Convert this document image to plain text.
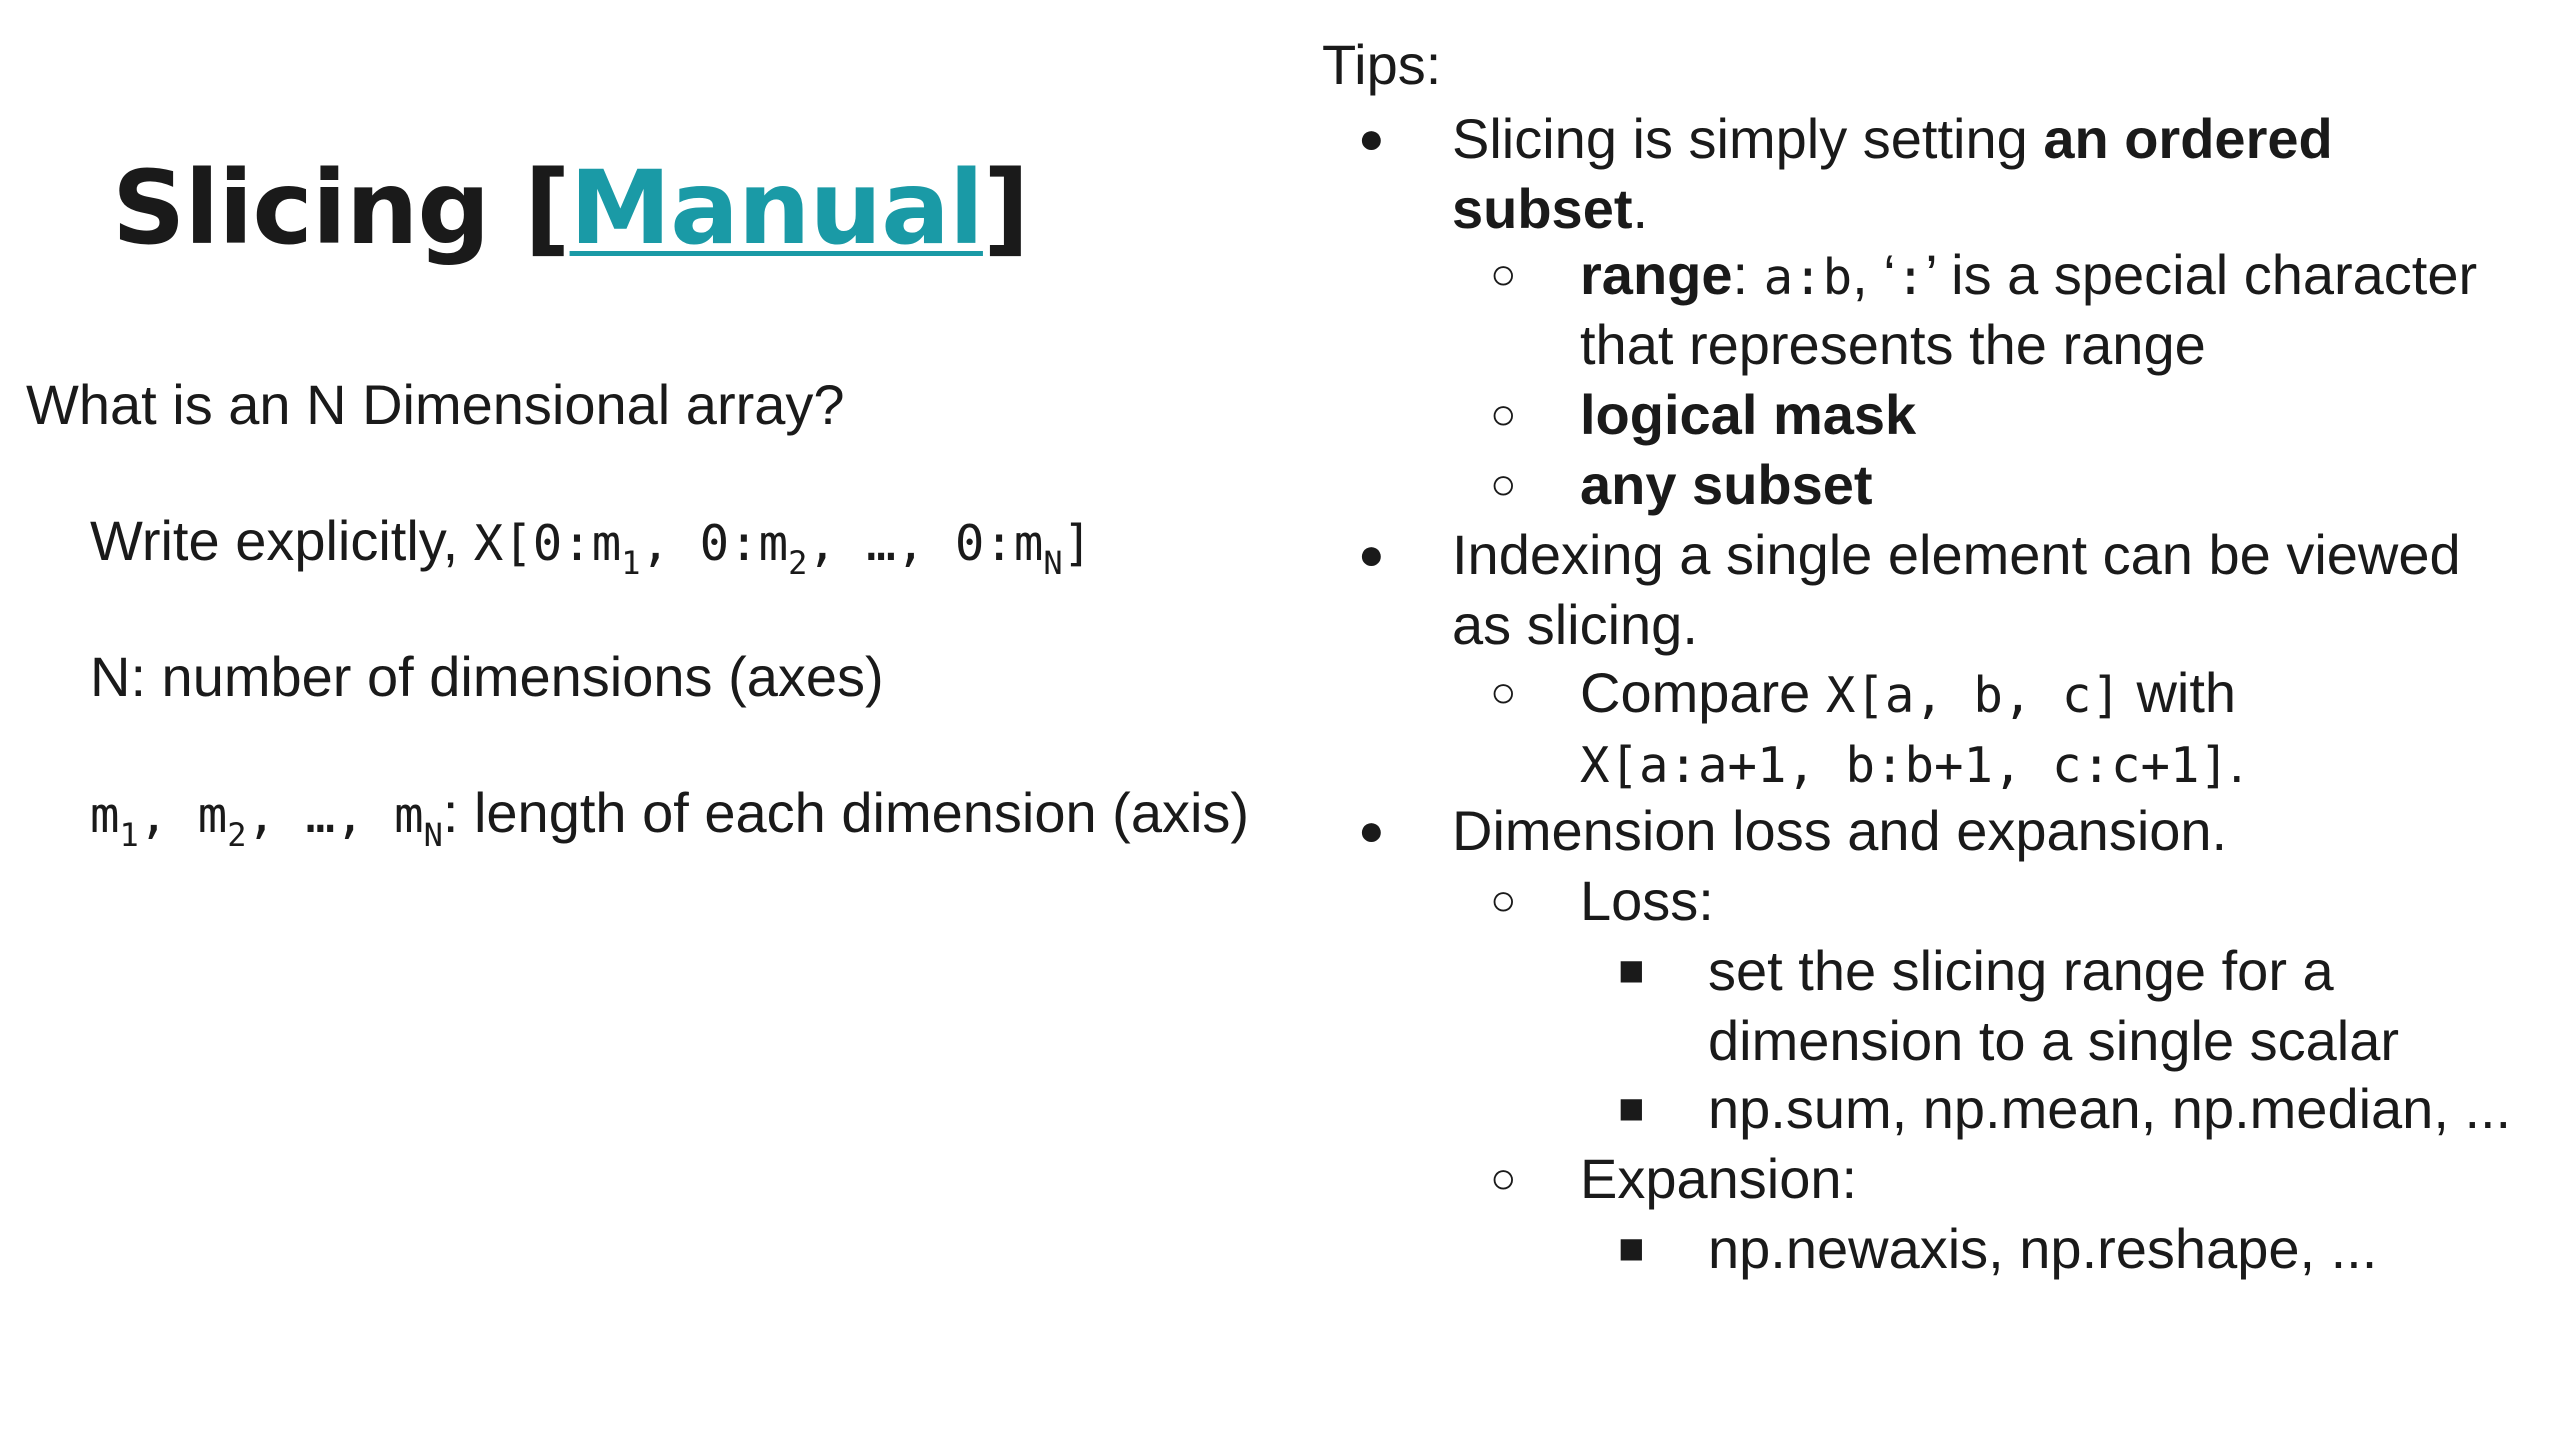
Slicing [Manual]
What is an N Dimensional array?
Write explicitly, $X[0:m_1$, $0:m_2$, …, $0:m_N$]
N: number of dimensions (axes)
$m_1$, $m_2$, …, $m_N$: length of each dimension (axis)
Tips:
● Slicing is simply setting an ordered
subset.
○ range: a:b, ‘:’ is a special character
that represents the range
○ logical mask
○ any subset
● Indexing a single element can be viewed
as slicing.
○ Compare X[a, b, c] with
X[a:a+1, b:b+1, c:c+1].
● Dimension loss and expansion.
○ Loss:
■ set the slicing range for a
dimension to a single scalar
■ np.sum, np.mean, np.median, ...
○ Expansion:
■ np.newaxis, np.reshape, ...
